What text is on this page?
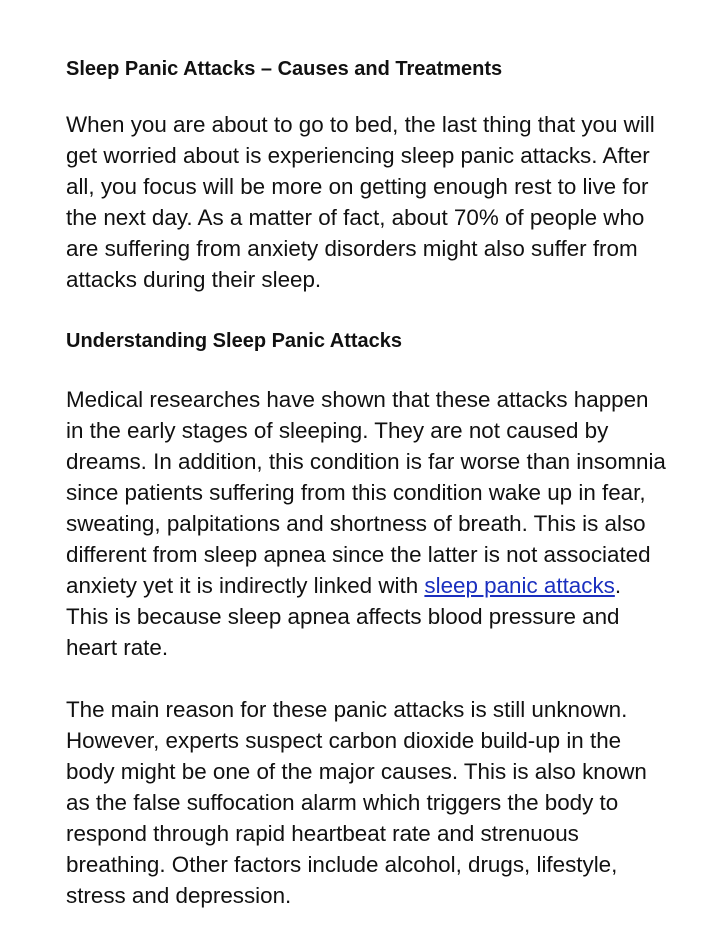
Sleep Panic Attacks – Causes and Treatments

When you are about to go to bed, the last thing that you will get worried about is experiencing sleep panic attacks. After all, you focus will be more on getting enough rest to live for the next day. As a matter of fact, about 70% of people who are suffering from anxiety disorders might also suffer from attacks during their sleep.

Understanding Sleep Panic Attacks

Medical researches have shown that these attacks happen in the early stages of sleeping. They are not caused by dreams. In addition, this condition is far worse than insomnia since patients suffering from this condition wake up in fear, sweating, palpitations and shortness of breath. This is also different from sleep apnea since the latter is not associated anxiety yet it is indirectly linked with sleep panic attacks. This is because sleep apnea affects blood pressure and heart rate.

The main reason for these panic attacks is still unknown. However, experts suspect carbon dioxide build-up in the body might be one of the major causes. This is also known as the false suffocation alarm which triggers the body to respond through rapid heartbeat rate and strenuous breathing. Other factors include alcohol, drugs, lifestyle, stress and depression.
